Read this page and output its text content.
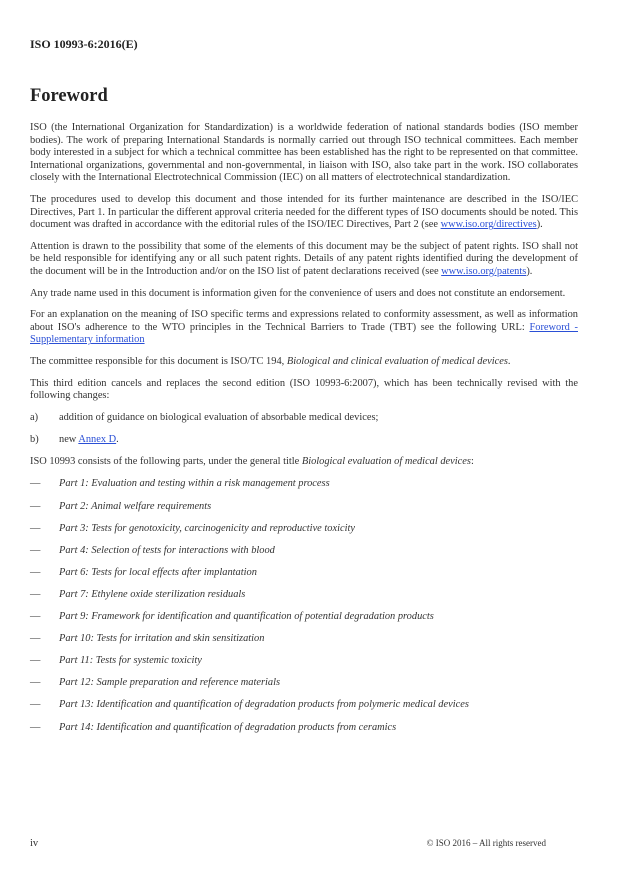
ISO 10993-6:2016(E)
Foreword

ISO (the International Organization for Standardization) is a worldwide federation of national standards bodies (ISO member bodies). The work of preparing International Standards is normally carried out through ISO technical committees. Each member body interested in a subject for which a technical committee has been established has the right to be represented on that committee. International organizations, governmental and non-governmental, in liaison with ISO, also take part in the work. ISO collaborates closely with the International Electrotechnical Commission (IEC) on all matters of electrotechnical standardization.

The procedures used to develop this document and those intended for its further maintenance are described in the ISO/IEC Directives, Part 1. In particular the different approval criteria needed for the different types of ISO documents should be noted. This document was drafted in accordance with the editorial rules of the ISO/IEC Directives, Part 2 (see www.iso.org/directives).

Attention is drawn to the possibility that some of the elements of this document may be the subject of patent rights. ISO shall not be held responsible for identifying any or all such patent rights. Details of any patent rights identified during the development of the document will be in the Introduction and/or on the ISO list of patent declarations received (see www.iso.org/patents).

Any trade name used in this document is information given for the convenience of users and does not constitute an endorsement.

For an explanation on the meaning of ISO specific terms and expressions related to conformity assessment, as well as information about ISO's adherence to the WTO principles in the Technical Barriers to Trade (TBT) see the following URL: Foreword - Supplementary information

The committee responsible for this document is ISO/TC 194, Biological and clinical evaluation of medical devices.

This third edition cancels and replaces the second edition (ISO 10993-6:2007), which has been technically revised with the following changes:

a)	addition of guidance on biological evaluation of absorbable medical devices;
b)	new Annex D.

ISO 10993 consists of the following parts, under the general title Biological evaluation of medical devices:

—	Part 1: Evaluation and testing within a risk management process
—	Part 2: Animal welfare requirements
—	Part 3: Tests for genotoxicity, carcinogenicity and reproductive toxicity
—	Part 4: Selection of tests for interactions with blood
—	Part 6: Tests for local effects after implantation
—	Part 7: Ethylene oxide sterilization residuals
—	Part 9: Framework for identification and quantification of potential degradation products
—	Part 10: Tests for irritation and skin sensitization
—	Part 11: Tests for systemic toxicity
—	Part 12: Sample preparation and reference materials
—	Part 13: Identification and quantification of degradation products from polymeric medical devices
—	Part 14: Identification and quantification of degradation products from ceramics
iv	© ISO 2016 – All rights reserved
